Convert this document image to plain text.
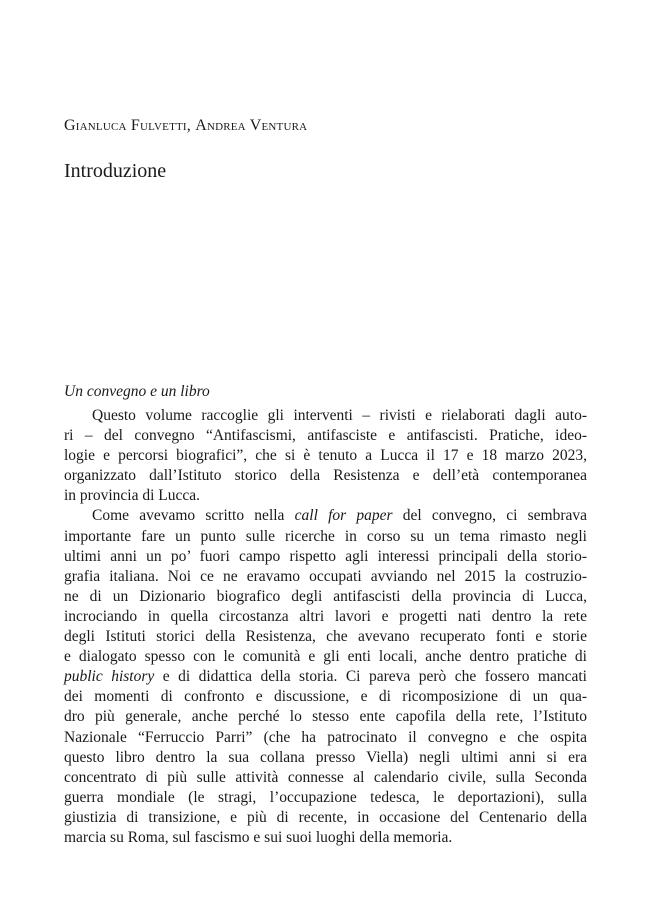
Gianluca Fulvetti, Andrea Ventura
Introduzione
Un convegno e un libro
Questo volume raccoglie gli interventi – rivisti e rielaborati dagli auto-
ri – del convegno “Antifascismi, antifasciste e antifascisti. Pratiche, ideo-
logie e percorsi biografici”, che si è tenuto a Lucca il 17 e 18 marzo 2023,
organizzato dall’Istituto storico della Resistenza e dell’età contemporanea
in provincia di Lucca.
Come avevamo scritto nella call for paper del convegno, ci sembrava
importante fare un punto sulle ricerche in corso su un tema rimasto negli
ultimi anni un po’ fuori campo rispetto agli interessi principali della storio-
grafia italiana. Noi ce ne eravamo occupati avviando nel 2015 la costruzio-
ne di un Dizionario biografico degli antifascisti della provincia di Lucca,
incrociando in quella circostanza altri lavori e progetti nati dentro la rete
degli Istituti storici della Resistenza, che avevano recuperato fonti e storie
e dialogato spesso con le comunità e gli enti locali, anche dentro pratiche di
public history e di didattica della storia. Ci pareva però che fossero mancati
dei momenti di confronto e discussione, e di ricomposizione di un qua-
dro più generale, anche perché lo stesso ente capofila della rete, l’Istituto
Nazionale “Ferruccio Parri” (che ha patrocinato il convegno e che ospita
questo libro dentro la sua collana presso Viella) negli ultimi anni si era
concentrato di più sulle attività connesse al calendario civile, sulla Seconda
guerra mondiale (le stragi, l’occupazione tedesca, le deportazioni), sulla
giustizia di transizione, e più di recente, in occasione del Centenario della
marcia su Roma, sul fascismo e sui suoi luoghi della memoria.
